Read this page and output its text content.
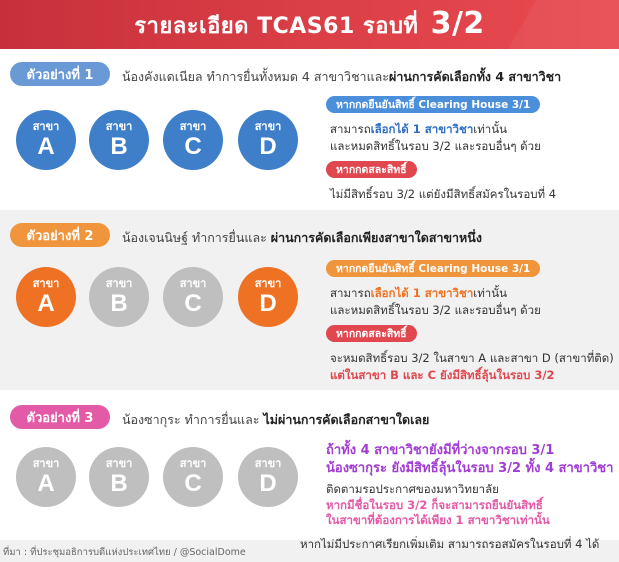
รายละเอียด TCAS61 รอบที่ 3/2
ตัวอย่างที่ 1	น้องคังแดเนียล ทำการยื่นทั้งหมด 4 สาขาวิชาและผ่านการคัดเลือกทั้ง 4 สาขาวิชา
สาขา
A
สาขา
B
สาขา
C
สาขา
D
หากกดยืนยันสิทธิ์ Clearing House 3/1
สามารถเลือกได้ 1 สาขาวิชาเท่านั้น
และหมดสิทธิ์ในรอบ 3/2 และรอบอื่นๆ ด้วย
หากกดสละสิทธิ์
ไม่มีสิทธิ์รอบ 3/2 แต่ยังมีสิทธิ์สมัครในรอบที่ 4
ตัวอย่างที่ 2	น้องเจนนิษฐ์ ทำการยื่นและ ผ่านการคัดเลือกเพียงสาขาใดสาขาหนึ่ง
สาขา
A
สาขา
B
สาขา
C
สาขา
D
หากกดยืนยันสิทธิ์ Clearing House 3/1
สามารถเลือกได้ 1 สาขาวิชาเท่านั้น
และหมดสิทธิ์ในรอบ 3/2 และรอบอื่นๆ ด้วย
หากกดสละสิทธิ์
จะหมดสิทธิ์รอบ 3/2 ในสาขา A และสาขา D (สาขาที่ติด)
แต่ในสาขา B และ C ยังมีสิทธิ์ลุ้นในรอบ 3/2
ตัวอย่างที่ 3	น้องซากุระ ทำการยื่นและ ไม่ผ่านการคัดเลือกสาขาใดเลย
สาขา
A
สาขา
B
สาขา
C
สาขา
D
ถ้าทั้ง 4 สาขาวิชายังมีที่ว่างจากรอบ 3/1
น้องซากุระ ยังมีสิทธิ์ลุ้นในรอบ 3/2 ทั้ง 4 สาขาวิชา
ติดตามรอประกาศของมหาวิทยาลัย
หากมีชื่อในรอบ 3/2 ก็จะสามารถยืนยันสิทธิ์
ในสาขาที่ต้องการได้เพียง 1 สาขาวิชาเท่านั้น
หากไม่มีประกาศเรียกเพิ่มเติม สามารถรอสมัครในรอบที่ 4 ได้
ที่มา : ที่ประชุมอธิการบดีแห่งประเทศไทย / @SocialDome
